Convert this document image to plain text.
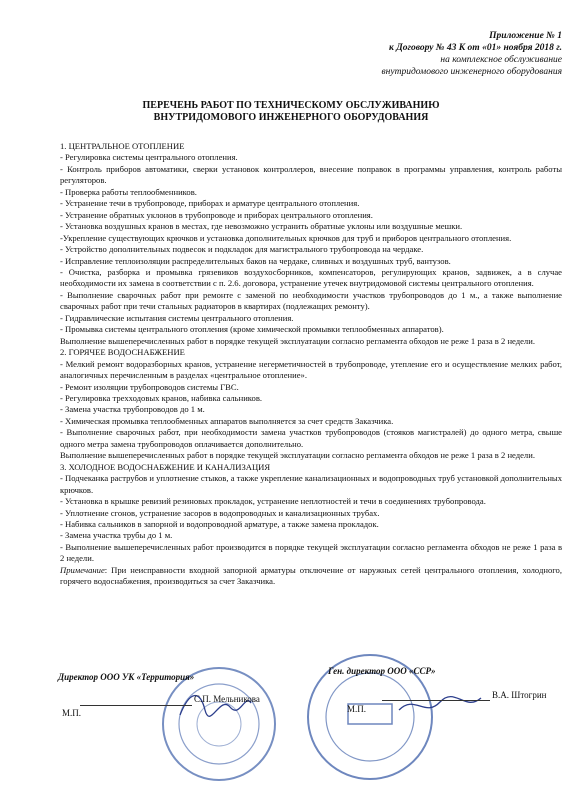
Приложение № 1
к Договору № 43 К от «01» ноября 2018 г.
на комплексное обслуживание
внутридомового инженерного оборудования
ПЕРЕЧЕНЬ РАБОТ ПО ТЕХНИЧЕСКОМУ ОБСЛУЖИВАНИЮ
ВНУТРИДОМОВОГО ИНЖЕНЕРНОГО ОБОРУДОВАНИЯ

1. ЦЕНТРАЛЬНОЕ ОТОПЛЕНИЕ

- Регулировка системы центрального отопления.

- Контроль приборов автоматики, сверки установок контроллеров, внесение поправок в программы управления, контроль работы регуляторов.

- Проверка работы теплообменников.

- Устранение течи в трубопроводе, приборах и арматуре центрального отопления.

- Устранение обратных уклонов в трубопроводе и приборах центрального отопления.

- Установка воздушных кранов в местах, где невозможно устранить обратные уклоны или воздушные мешки.

-Укрепление существующих крючков и установка дополнительных крючков для труб и приборов центрального отопления.

- Устройство дополнительных подвесок и подкладок для магистрального трубопровода на чердаке.

- Исправление теплоизоляции распределительных баков на чердаке, сливных и воздушных труб, вантузов.

- Очистка, разборка и промывка грязевиков воздухосборников, компенсаторов, регулирующих кранов, задвижек, а в случае необходимости их замена в соответствии с п. 2.6. договора, устранение утечек внутридомовой системы центрального отопления.

- Выполнение сварочных работ при ремонте с заменой по необходимости участков трубопроводов до 1 м., а также выполнение сварочных работ при течи стальных радиаторов в квартирах (подлежащих ремонту).

- Гидравлические испытания системы центрального отопления.

- Промывка системы центрального отопления (кроме химической промывки теплообменных аппаратов).

Выполнение вышеперечисленных работ в порядке текущей эксплуатации согласно регламента обходов не реже 1 раза в 2 недели.

2. ГОРЯЧЕЕ ВОДОСНАБЖЕНИЕ

- Мелкий ремонт водоразборных кранов, устранение негерметичностей в трубопроводе, утепление его и осуществление мелких работ, аналогичных перечисленным в разделах «центральное отопление».

- Ремонт изоляции трубопроводов системы ГВС.

- Регулировка трехходовых кранов, набивка сальников.

- Замена участка трубопроводов до 1 м.

- Химическая промывка теплообменных аппаратов выполняется за счет средств Заказчика.

- Выполнение сварочных работ, при необходимости замена участков трубопроводов (стояков магистралей) до одного метра, свыше одного метра замена трубопроводов оплачивается дополнительно.

Выполнение вышеперечисленных работ в порядке текущей эксплуатации согласно регламента обходов не реже 1 раза в 2 недели.

3. ХОЛОДНОЕ ВОДОСНАБЖЕНИЕ И КАНАЛИЗАЦИЯ

- Подчеканка раструбов и уплотнение стыков, а также укрепление канализационных и водопроводных труб установкой дополнительных крючков.

- Установка в крышке ревизий резиновых прокладок, устранение неплотностей и течи в соединениях трубопровода.

- Уплотнение сгонов, устранение засоров в водопроводных и канализационных трубах.

- Набивка сальников в запорной и водопроводной арматуре, а также замена прокладок.

- Замена участка трубы до 1 м.

- Выполнение вышеперечисленных работ производится в порядке текущей эксплуатации согласно регламента обходов не реже 1 раза в 2 недели.

Примечание: При неисправности входной запорной арматуры отключение от наружных сетей центрального отопления, холодного, горячего водоснабжения, производиться за счет Заказчика.

Директор ООО УК «Территория»
С.П. Мельникова
М.П.
Ген. директор ООО «ССР»
В.А. Штогрин
М.П.
